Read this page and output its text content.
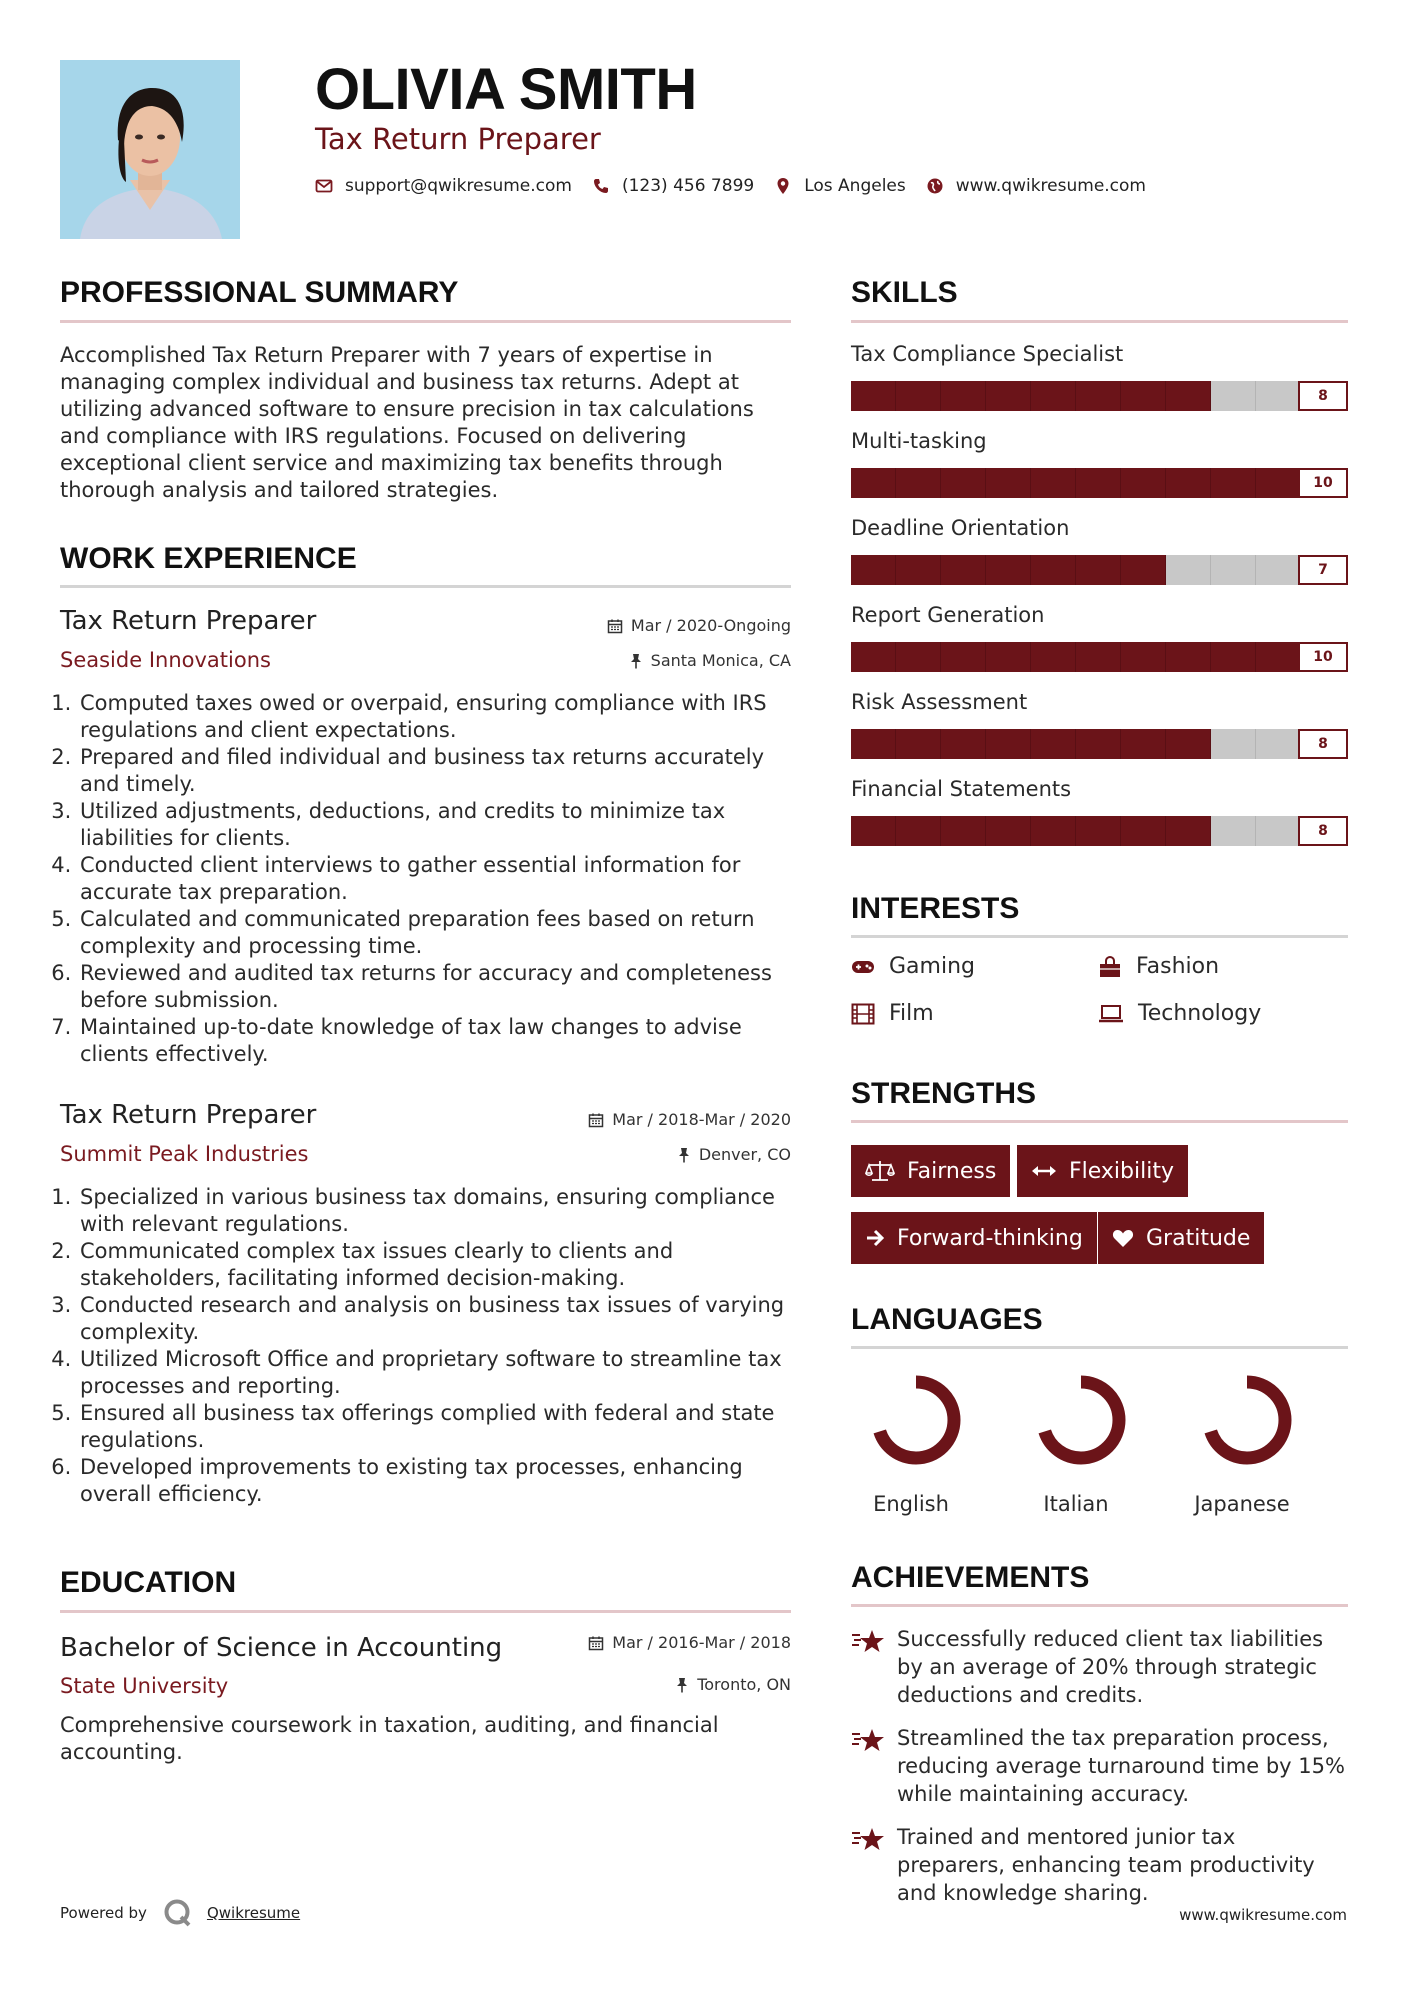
OLIVIA SMITH
Tax Return Preparer
support@qwikresume.com	(123) 456 7899	Los Angeles	www.qwikresume.com
PROFESSIONAL SUMMARY
Accomplished Tax Return Preparer with 7 years of expertise in managing complex individual and business tax returns. Adept at utilizing advanced software to ensure precision in tax calculations and compliance with IRS regulations. Focused on delivering exceptional client service and maximizing tax benefits through thorough analysis and tailored strategies.
WORK EXPERIENCE
Tax Return Preparer	Mar / 2020-Ongoing
Seaside Innovations	Santa Monica, CA
1. Computed taxes owed or overpaid, ensuring compliance with IRS regulations and client expectations.
2. Prepared and filed individual and business tax returns accurately and timely.
3. Utilized adjustments, deductions, and credits to minimize tax liabilities for clients.
4. Conducted client interviews to gather essential information for accurate tax preparation.
5. Calculated and communicated preparation fees based on return complexity and processing time.
6. Reviewed and audited tax returns for accuracy and completeness before submission.
7. Maintained up-to-date knowledge of tax law changes to advise clients effectively.
Tax Return Preparer	Mar / 2018-Mar / 2020
Summit Peak Industries	Denver, CO
1. Specialized in various business tax domains, ensuring compliance with relevant regulations.
2. Communicated complex tax issues clearly to clients and stakeholders, facilitating informed decision-making.
3. Conducted research and analysis on business tax issues of varying complexity.
4. Utilized Microsoft Office and proprietary software to streamline tax processes and reporting.
5. Ensured all business tax offerings complied with federal and state regulations.
6. Developed improvements to existing tax processes, enhancing overall efficiency.
EDUCATION
Bachelor of Science in Accounting	Mar / 2016-Mar / 2018
State University	Toronto, ON
Comprehensive coursework in taxation, auditing, and financial accounting.
SKILLS
Tax Compliance Specialist
8
Multi-tasking
10
Deadline Orientation
7
Report Generation
10
Risk Assessment
8
Financial Statements
8
INTERESTS
Gaming	Fashion
Film	Technology
STRENGTHS
Fairness	Flexibility
Forward-thinking	Gratitude
LANGUAGES
English	Italian	Japanese
ACHIEVEMENTS
Successfully reduced client tax liabilities by an average of 20% through strategic deductions and credits.
Streamlined the tax preparation process, reducing average turnaround time by 15% while maintaining accuracy.
Trained and mentored junior tax preparers, enhancing team productivity and knowledge sharing.
Powered by	Qwikresume	www.qwikresume.com
